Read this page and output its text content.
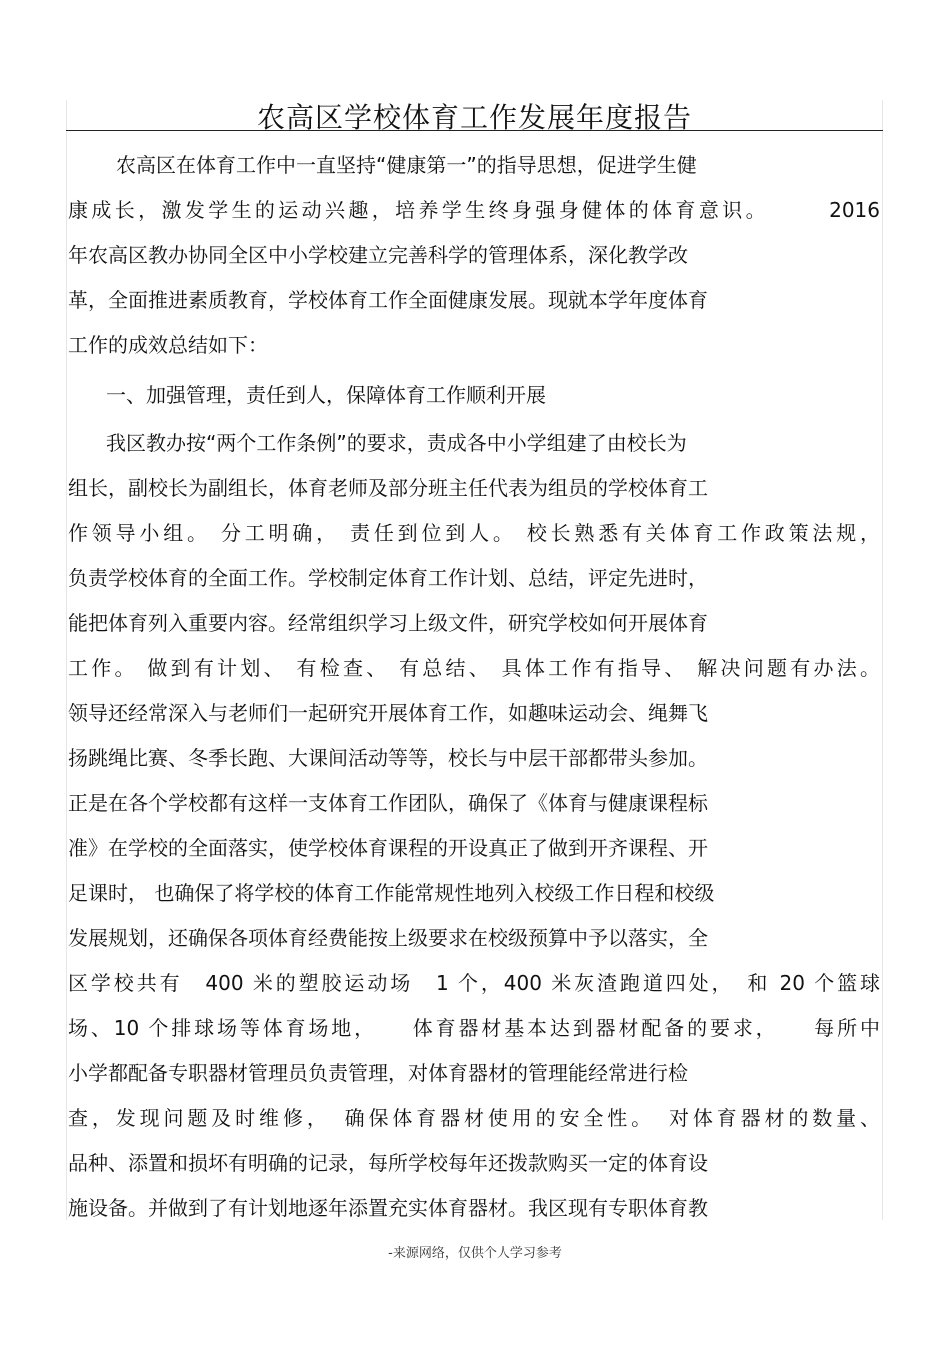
农高区学校体育工作发展年度报告
农高区在体育工作中一直坚持“健康第一”的指导思想，促进学生健
康成长，激发学生的运动兴趣，培养学生终身强身健体的体育意识。　　　2016
年农高区教办协同全区中小学校建立完善科学的管理体系，深化教学改
革，全面推进素质教育，学校体育工作全面健康发展。现就本学年度体育
工作的成效总结如下：
一、加强管理，责任到人，保障体育工作顺利开展
我区教办按“两个工作条例”的要求，责成各中小学组建了由校长为
组长，副校长为副组长，体育老师及部分班主任代表为组员的学校体育工
作领导小组。 分工明确， 责任到位到人。 校长熟悉有关体育工作政策法规，
负责学校体育的全面工作。学校制定体育工作计划、总结，评定先进时，
能把体育列入重要内容。经常组织学习上级文件，研究学校如何开展体育
工作。 做到有计划、 有检查、 有总结、 具体工作有指导、 解决问题有办法。
领导还经常深入与老师们一起研究开展体育工作，如趣味运动会、绳舞飞
扬跳绳比赛、冬季长跑、大课间活动等等，校长与中层干部都带头参加。
正是在各个学校都有这样一支体育工作团队，确保了《体育与健康课程标
准》在学校的全面落实，使学校体育课程的开设真正了做到开齐课程、开
足课时， 也确保了将学校的体育工作能常规性地列入校级工作日程和校级
发展规划，还确保各项体育经费能按上级要求在校级预算中予以落实，全
区学校共有　400 米的塑胶运动场　1 个，400 米灰渣跑道四处，　和 20 个篮球
场、10 个排球场等体育场地，　　体育器材基本达到器材配备的要求，　　每所中
小学都配备专职器材管理员负责管理，对体育器材的管理能经常进行检
查，发现问题及时维修，　确保体育器材使用的安全性。　对体育器材的数量、
品种、添置和损坏有明确的记录，每所学校每年还拨款购买一定的体育设
施设备。并做到了有计划地逐年添置充实体育器材。我区现有专职体育教
-来源网络，仅供个人学习参考
